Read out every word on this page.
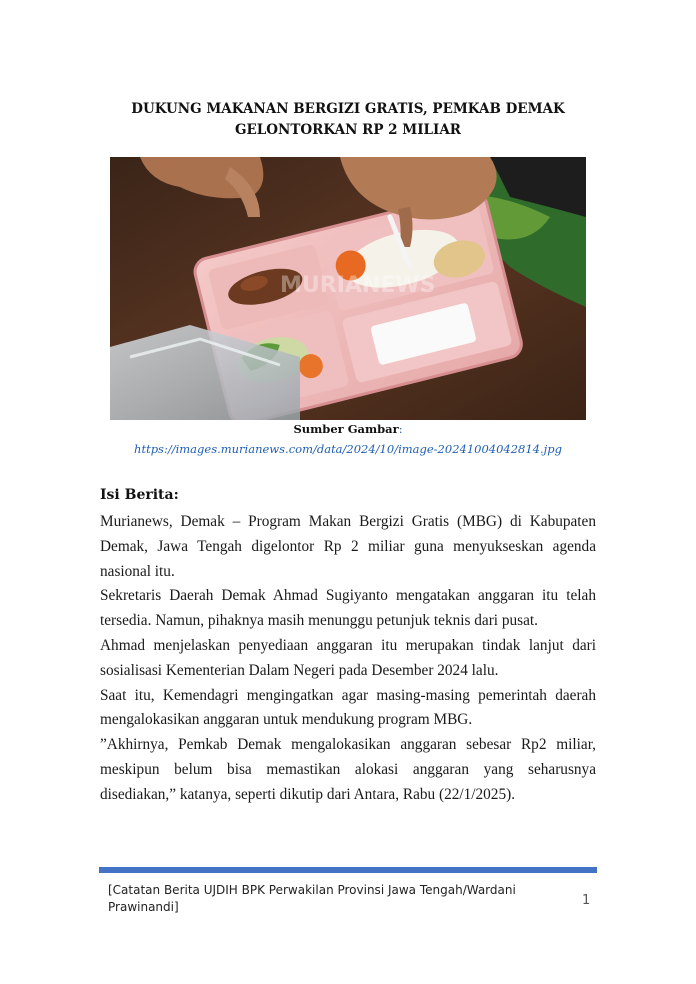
DUKUNG MAKANAN BERGIZI GRATIS, PEMKAB DEMAK
GELONTORKAN RP 2 MILIAR
MURIANEWS
Sumber Gambar:
https://images.murianews.com/data/2024/10/image-20241004042814.jpg
Isi Berita:

Murianews, Demak – Program Makan Bergizi Gratis (MBG) di Kabupaten Demak, Jawa Tengah digelontor Rp 2 miliar guna menyukseskan agenda nasional itu.

Sekretaris Daerah Demak Ahmad Sugiyanto mengatakan anggaran itu telah tersedia. Namun, pihaknya masih menunggu petunjuk teknis dari pusat.

Ahmad menjelaskan penyediaan anggaran itu merupakan tindak lanjut dari sosialisasi Kementerian Dalam Negeri pada Desember 2024 lalu.

Saat itu, Kemendagri mengingatkan agar masing-masing pemerintah daerah mengalokasikan anggaran untuk mendukung program MBG.

”Akhirnya, Pemkab Demak mengalokasikan anggaran sebesar Rp2 miliar, meskipun belum bisa memastikan alokasi anggaran yang seharusnya disediakan,” katanya, seperti dikutip dari Antara, Rabu (22/1/2025).

[Catatan Berita UJDIH BPK Perwakilan Provinsi Jawa Tengah/Wardani Prawinandi]	1
